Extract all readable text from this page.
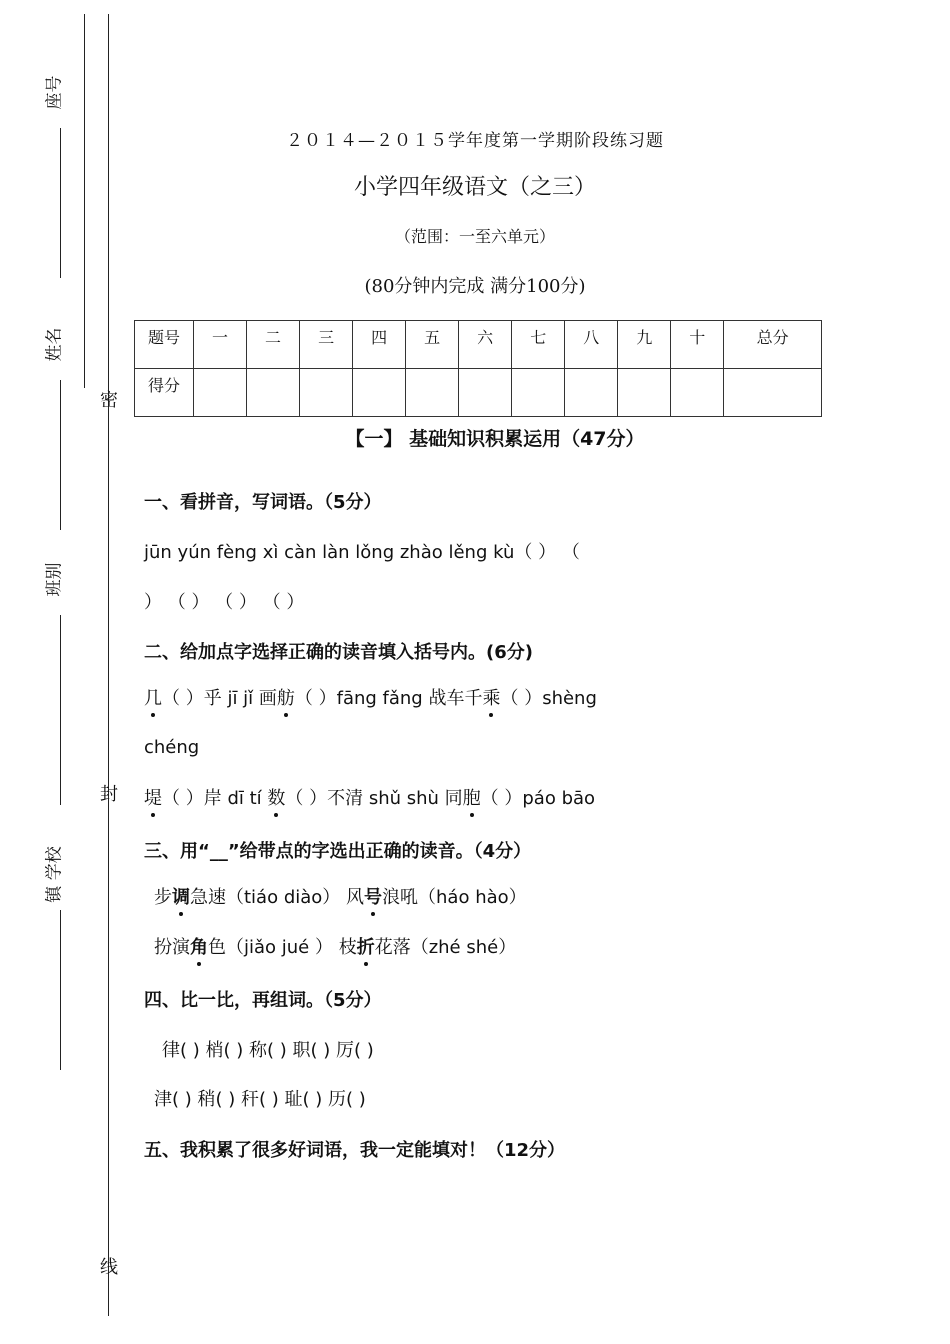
座号
姓名
班别
镇 学校
密
封
线
２０１４—２０１５学年度第一学期阶段练习题
小学四年级语文（之三）
（范围：一至六单元）
(80分钟内完成 满分100分)
题号	一	二	三	四	五	六	七	八	九	十	总分
得分											
【一】 基础知识积累运用（47分）
一、看拼音，写词语。（5分）
jūn yún fèng xì càn làn lǒng zhào lěng kù（ ） （
） （ ） （ ） （ ）
二、给加点字选择正确的读音填入括号内。(6分)
几（ ）乎 jī jǐ 画舫（ ）fāng fǎng 战车千乘（ ）shèng
chéng
堤（ ）岸 dī tí 数（ ）不清 shǔ shù 同胞（ ）páo bāo
三、用“__”给带点的字选出正确的读音。（4分）
步调急速（tiáo diào） 风号浪吼（háo hào）
扮演角色（jiǎo jué ） 枝折花落（zhé shé）
四、比一比，再组词。（5分）
律( ) 梢( ) 称( ) 职( ) 厉( )
津( ) 稍( ) 秆( ) 耻( ) 历( )
五、我积累了很多好词语，我一定能填对！（12分）
